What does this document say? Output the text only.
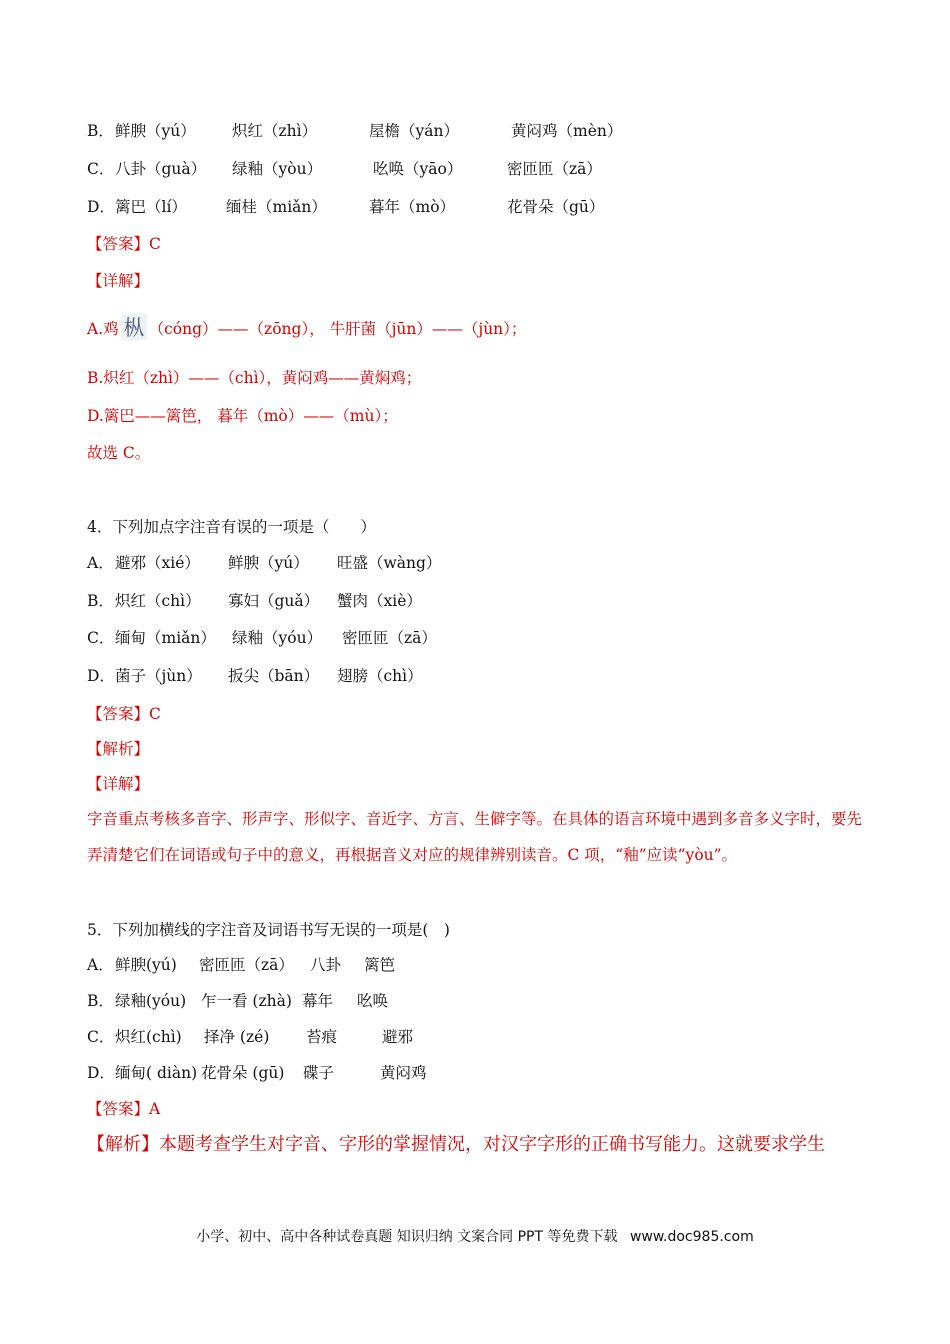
B． 鲜腴（yú） 炽红（zhì）	屋檐（yán）	黄闷鸡（mèn）
C． 八卦（guà） 绿釉（yòu）	吆唤（yāo）	密匝匝（zā）
D． 篱巴（lí）	缅桂（miǎn）	暮年（mò）	花骨朵（gū）
【答案】C
【详解】
A.鸡 枞 （cóng）——（zōng）， 牛肝菌（jūn）——（jùn）；
B.炽红（zhì）——（chì），黄闷鸡——黄焖鸡；
D.篱巴——篱笆， 暮年（mò）——（mù）；
故选 C。
4．下列加点字注音有误的一项是（　　）
A． 避邪（xié） 鲜腴（yú） 旺盛（wàng）
B． 炽红（chì） 寡妇（guǎ） 蟹肉（xiè）
C． 缅甸（miǎn） 绿釉（yóu） 密匝匝（zā）
D． 菌子（jùn） 扳尖（bān） 翅膀（chì）
【答案】C
【解析】
【详解】
字音重点考核多音字、形声字、形似字、音近字、方言、生僻字等。在具体的语言环境中遇到多音多义字时，要先弄清楚它们在词语或句子中的意义，再根据音义对应的规律辨别读音。C 项，“釉”应读“yòu”。
5．下列加横线的字注音及词语书写无误的一项是(　)
A． 鲜腴(yú) 密匝匝（zā） 八卦 篱笆
B． 绿釉(yóu) 乍一看 (zhà) 幕年 吆唤
C． 炽红(chì) 择净 (zé) 苔痕	避邪
D． 缅甸( diàn) 花骨朵 (gū) 碟子	黄闷鸡
【答案】A
【解析】本题考查学生对字音、字形的掌握情况，对汉字字形的正确书写能力。这就要求学生
小学、初中、高中各种试卷真题 知识归纳 文案合同 PPT 等免费下载 www.doc985.com
